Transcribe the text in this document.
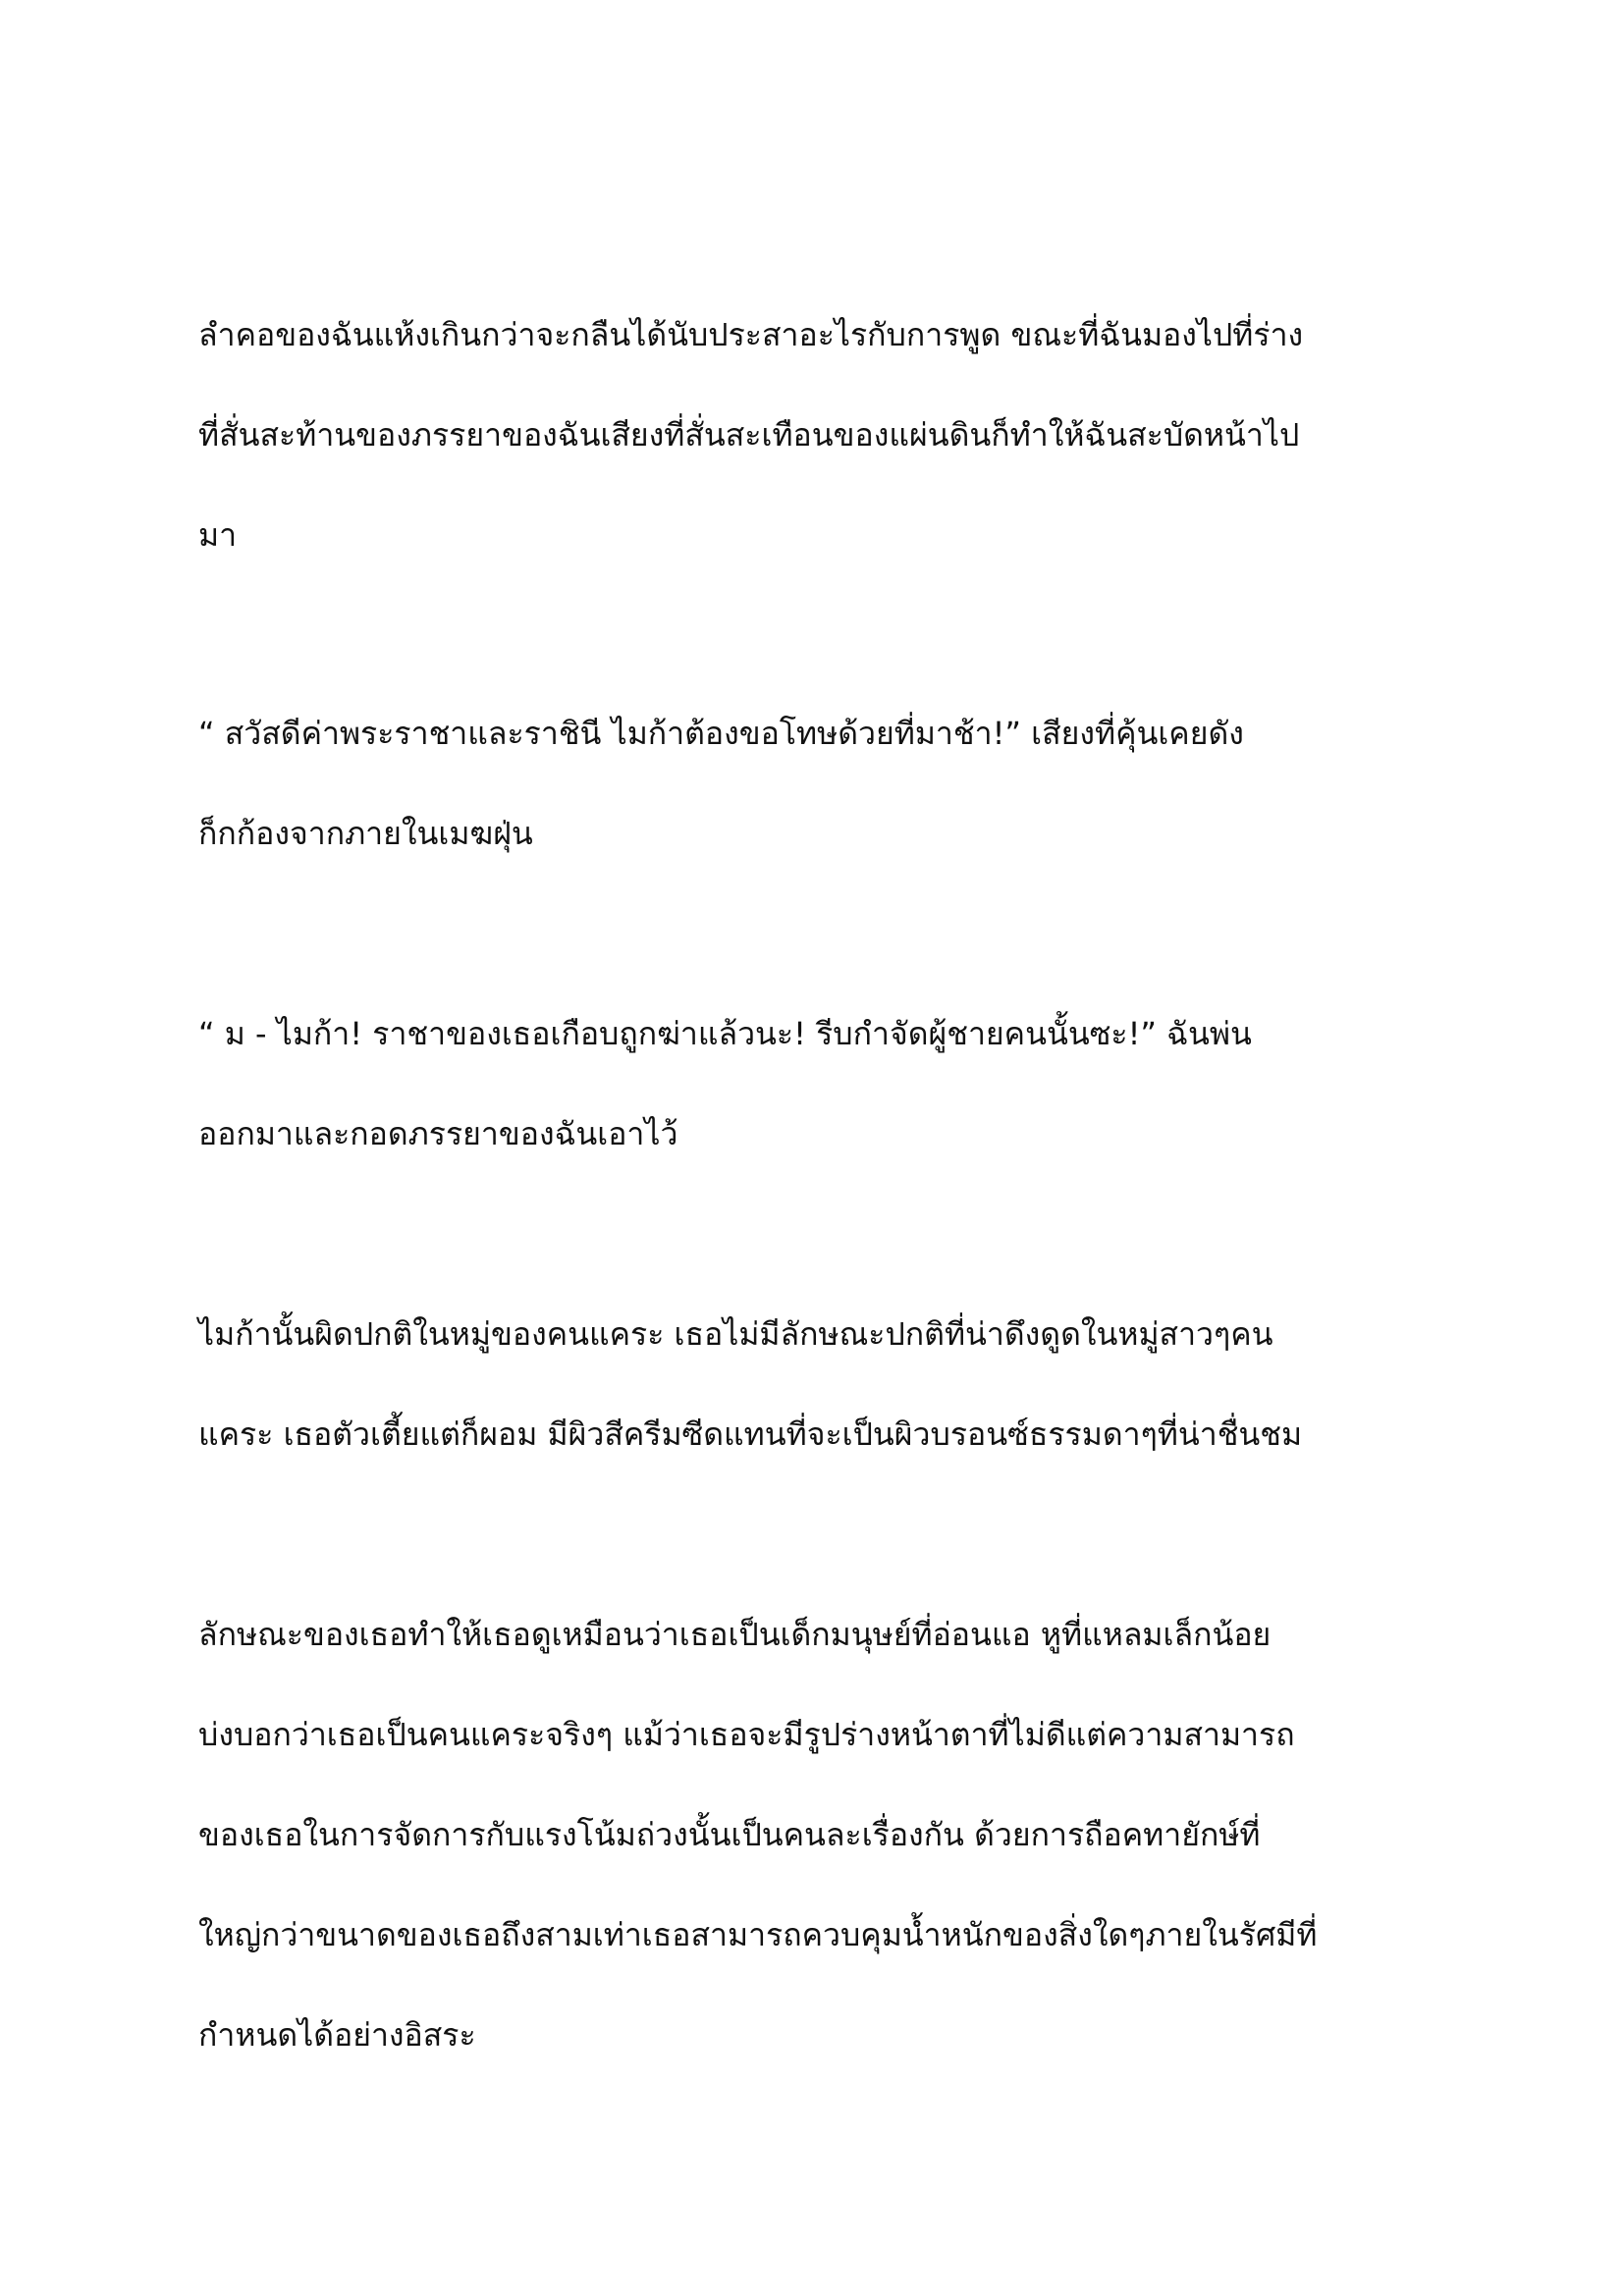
ลำคอของฉันแห้งเกินกว่าจะกลืนได้นับประสาอะไรกับการพูด ขณะที่ฉันมองไปที่ร่าง
ที่สั่นสะท้านของภรรยาของฉันเสียงที่สั่นสะเทือนของแผ่นดินก็ทำให้ฉันสะบัดหน้าไป
มา
“ สวัสดีค่าพระราชาและราชินี ไมก้าต้องขอโทษด้วยที่มาช้า!” เสียงที่คุ้นเคยดัง
ก็กก้องจากภายในเมฆฝุ่น
“ ม - ไมก้า! ราชาของเธอเกือบถูกฆ่าแล้วนะ! รีบกำจัดผู้ชายคนนั้นซะ!” ฉันพ่น
ออกมาและกอดภรรยาของฉันเอาไว้
ไมก้านั้นผิดปกติในหมู่ของคนแคระ เธอไม่มีลักษณะปกติที่น่าดึงดูดในหมู่สาวๆคน
แคระ เธอตัวเตี้ยแต่ก็ผอม มีผิวสีครีมซีดแทนที่จะเป็นผิวบรอนซ์ธรรมดาๆที่น่าชื่นชม
ลักษณะของเธอทำให้เธอดูเหมือนว่าเธอเป็นเด็กมนุษย์ที่อ่อนแอ หูที่แหลมเล็กน้อย
บ่งบอกว่าเธอเป็นคนแคระจริงๆ แม้ว่าเธอจะมีรูปร่างหน้าตาที่ไม่ดีแต่ความสามารถ
ของเธอในการจัดการกับแรงโน้มถ่วงนั้นเป็นคนละเรื่องกัน ด้วยการถือคทายักษ์ที่
ใหญ่กว่าขนาดของเธอถึงสามเท่าเธอสามารถควบคุมน้ำหนักของสิ่งใดๆภายในรัศมีที่
กำหนดได้อย่างอิสระ
